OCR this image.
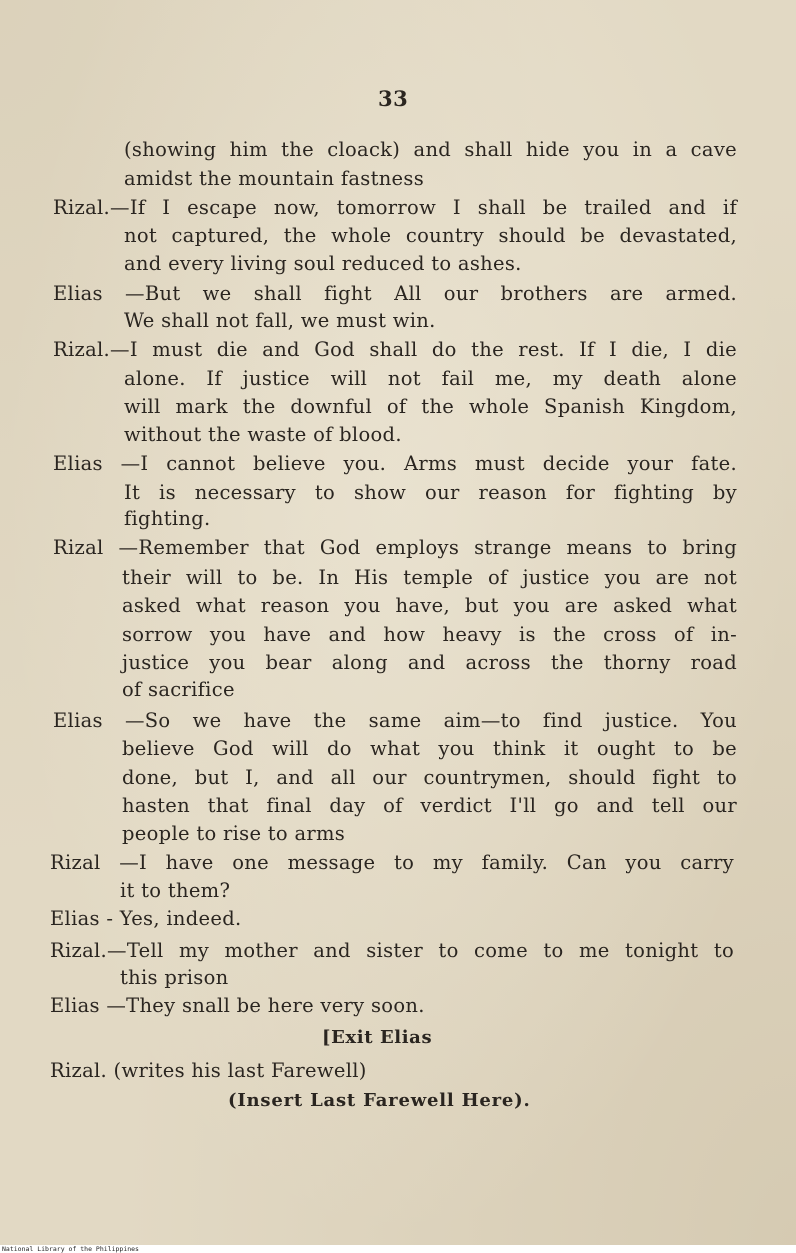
33
(showing him the cloack) and shall hide you in a cave
amidst the mountain fastness
Rizal.—If I escape now, tomorrow I shall be trailed and if
not captured, the whole country should be devastated,
and every living soul reduced to ashes.
Elias —But we shall fight All our brothers are armed.
We shall not fall, we must win.
Rizal.—I must die and God shall do the rest. If I die, I die
alone. If justice will not fail me, my death alone
will mark the downful of the whole Spanish Kingdom,
without the waste of blood.
Elias —I cannot believe you. Arms must decide your fate.
It is necessary to show our reason for fighting by
fighting.
Rizal —Remember that God employs strange means to bring
their will to be. In His temple of justice you are not
asked what reason you have, but you are asked what
sorrow you have and how heavy is the cross of in-
justice you bear along and across the thorny road
of sacrifice
Elias —So we have the same aim—to find justice. You
believe God will do what you think it ought to be
done, but I, and all our countrymen, should fight to
hasten that final day of verdict I'll go and tell our
people to rise to arms
Rizal —I have one message to my family. Can you carry
it to them?
Elias - Yes, indeed.
Rizal.—Tell my mother and sister to come to me tonight to
this prison
Elias —They snall be here very soon.
[Exit Elias
Rizal. (writes his last Farewell)
(Insert Last Farewell Here).
National Library of the Philippines
